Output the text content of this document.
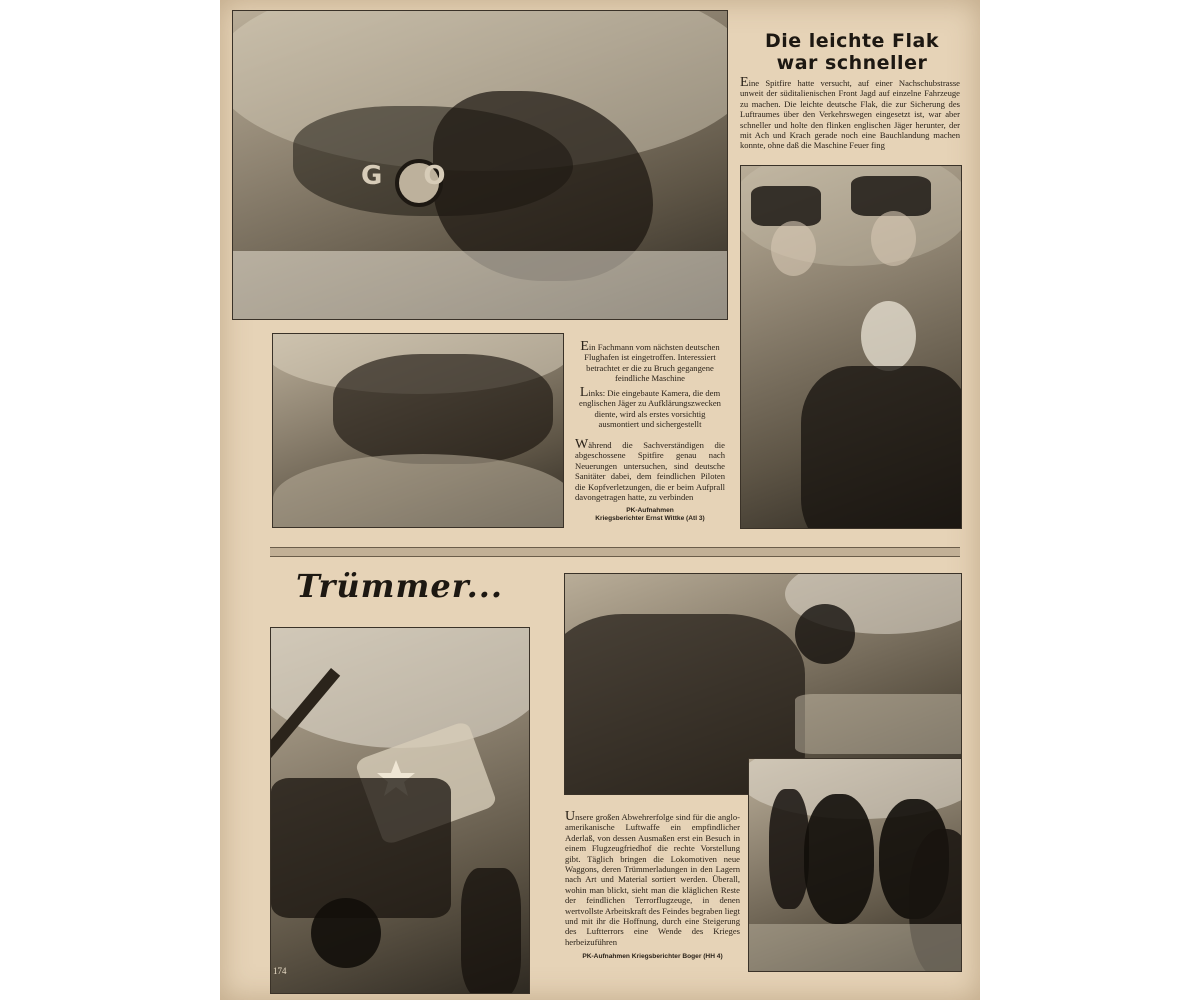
G O
Die leichte Flak
war schneller

Eine Spitfire hatte versucht, auf einer Nachschubstrasse unweit der süditalienischen Front Jagd auf einzelne Fahrzeuge zu machen. Die leichte deutsche Flak, die zur Sicherung des Luftraumes über den Verkehrswegen eingesetzt ist, war aber schneller und holte den flinken englischen Jäger herunter, der mit Ach und Krach gerade noch eine Bauchlandung machen konnte, ohne daß die Maschine Feuer fing

Ein Fachmann vom nächsten deutschen Flughafen ist eingetroffen. Interessiert betrachtet er die zu Bruch gegangene feindliche Maschine

Links: Die eingebaute Kamera, die dem englischen Jäger zu Aufklärungszwecken diente, wird als erstes vorsichtig ausmontiert und sichergestellt

Während die Sachverständigen die abgeschossene Spitfire genau nach Neuerungen untersuchen, sind deutsche Sanitäter dabei, dem feindlichen Piloten die Kopfverletzungen, die er beim Aufprall davongetragen hatte, zu verbinden

PK-Aufnahmen
Kriegsberichter Ernst Wittke (Atl 3)
Trümmer...
174

Unsere großen Abwehrerfolge sind für die anglo-amerikanische Luftwaffe ein empfindlicher Aderlaß, von dessen Ausmaßen erst ein Besuch in einem Flugzeugfriedhof die rechte Vorstellung gibt. Täglich bringen die Lokomotiven neue Waggons, deren Trümmerladungen in den Lagern nach Art und Material sortiert werden. Überall, wohin man blickt, sieht man die kläglichen Reste der feindlichen Terrorflugzeuge, in denen wertvollste Arbeitskraft des Feindes begraben liegt und mit ihr die Hoffnung, durch eine Steigerung des Luftterrors eine Wende des Krieges herbeizuführen

PK-Aufnahmen Kriegsberichter Boger (HH 4)
